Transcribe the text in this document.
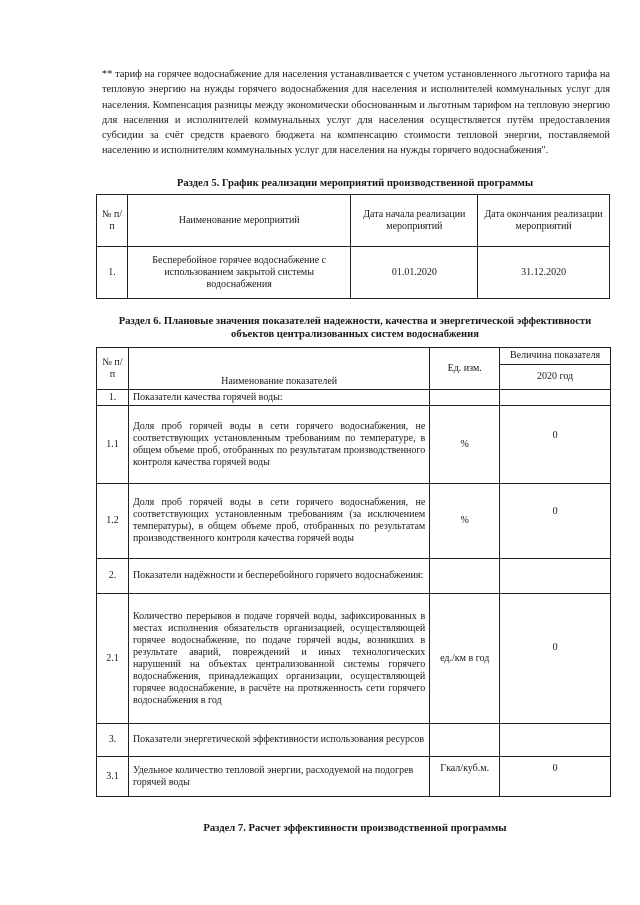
** тариф на горячее водоснабжение для населения устанавливается с учетом установленного льготного тарифа на тепловую энергию на нужды горячего водоснабжения для населения и исполнителей коммунальных услуг для населения. Компенсация разницы между экономически обоснованным и льготным тарифом на тепловую энергию для населения и исполнителей коммунальных услуг для населения осуществляется путём предоставления субсидии за счёт средств краевого бюджета на компенсацию стоимости тепловой энергии, поставляемой населению и исполнителям коммунальных услуг для населения на нужды горячего водоснабжения".
Раздел 5. График реализации мероприятий производственной программы
№ п/п	Наименование мероприятий	Дата начала реализации мероприятий	Дата окончания реализации мероприятий
1.	Бесперебойное горячее водоснабжение с использованием закрытой системы водоснабжения	01.01.2020	31.12.2020
Раздел 6. Плановые значения показателей надежности, качества и энергетической эффективности объектов централизованных систем водоснабжения
№ п/п	Наименование показателей	Ед. изм.	Величина показателя
			2020 год
1.	Показатели качества горячей воды:		
1.1	Доля проб горячей воды в сети горячего водоснабжения, не соответствующих установленным требованиям по температуре, в общем объеме проб, отобранных по результатам производственного контроля качества горячей воды	%	0
1.2	Доля проб горячей воды в сети горячего водоснабжения, не соответствующих установленным требованиям (за исключением температуры), в общем объеме проб, отобранных по результатам производственного контроля качества горячей воды	%	0
2.	Показатели надёжности и бесперебойного горячего водоснабжения:		
2.1	Количество перерывов в подаче горячей воды, зафиксированных в местах исполнения обязательств организацией, осуществляющей горячее водоснабжение, по подаче горячей воды, возникших в результате аварий, повреждений и иных технологических нарушений на объектах централизованной системы горячего водоснабжения, принадлежащих организации, осуществляющей горячее водоснабжение, в расчёте на протяженность сети горячего водоснабжения в год	ед./км в год	0
3.	Показатели энергетической эффективности использования ресурсов		
3.1	Удельное количество тепловой энергии, расходуемой на подогрев горячей воды	Гкал/куб.м.	0
Раздел 7. Расчет эффективности производственной программы
